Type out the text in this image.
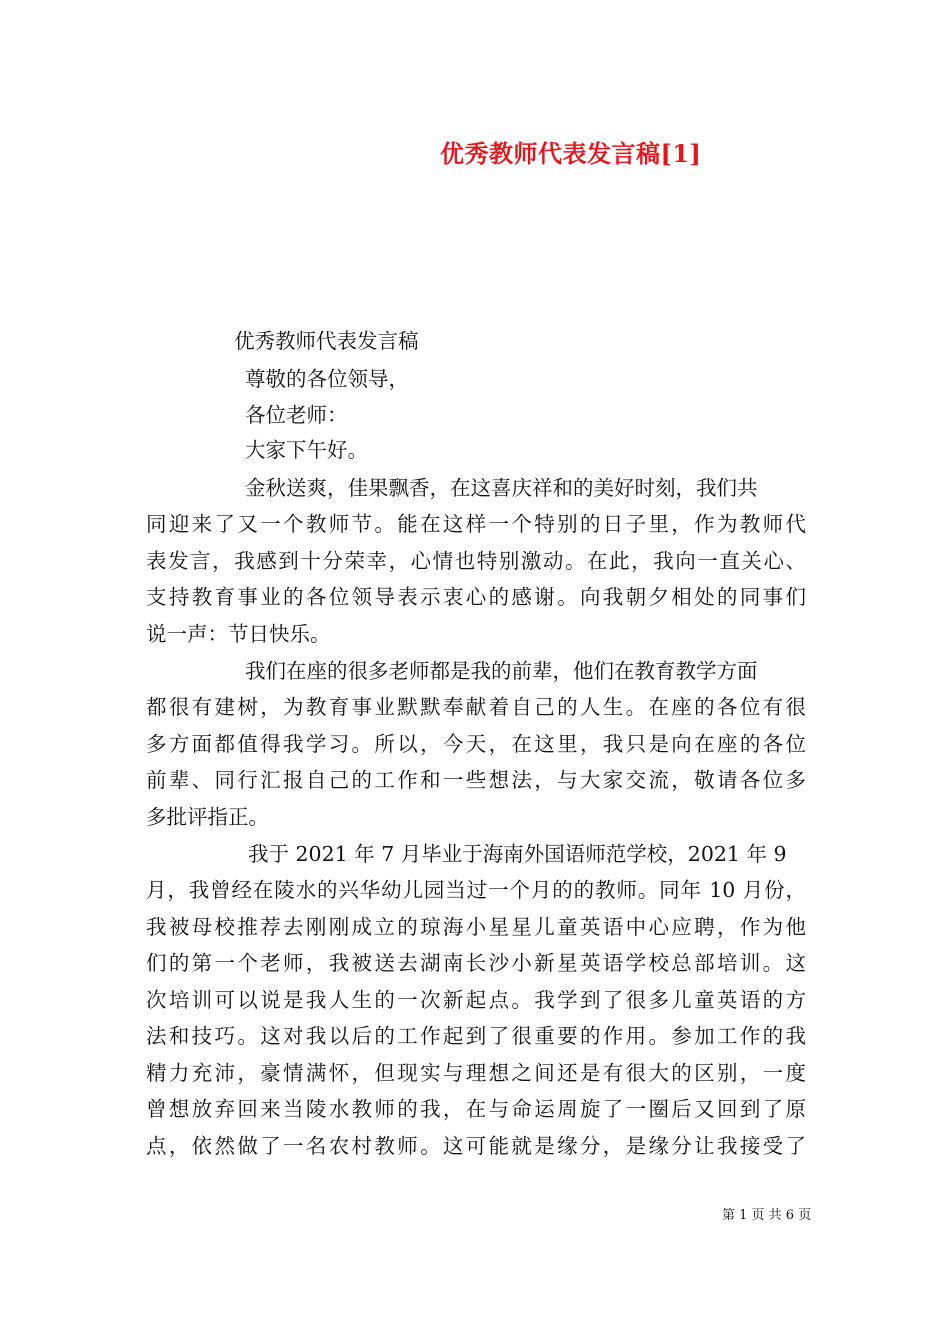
优秀教师代表发言稿[1]
优秀教师代表发言稿
尊敬的各位领导，
各位老师：
大家下午好。
金秋送爽，佳果飘香，在这喜庆祥和的美好时刻，我们共
同迎来了又一个教师节。能在这样一个特别的日子里，作为教师代
表发言，我感到十分荣幸，心情也特别激动。在此，我向一直关心、
支持教育事业的各位领导表示衷心的感谢。向我朝夕相处的同事们
说一声：节日快乐。
我们在座的很多老师都是我的前辈，他们在教育教学方面
都很有建树，为教育事业默默奉献着自己的人生。在座的各位有很
多方面都值得我学习。所以，今天，在这里，我只是向在座的各位
前辈、同行汇报自己的工作和一些想法，与大家交流，敬请各位多
多批评指正。
我于 2021 年 7 月毕业于海南外国语师范学校，2021 年 9
月，我曾经在陵水的兴华幼儿园当过一个月的的教师。同年 10 月份，
我被母校推荐去刚刚成立的琼海小星星儿童英语中心应聘，作为他
们的第一个老师，我被送去湖南长沙小新星英语学校总部培训。这
次培训可以说是我人生的一次新起点。我学到了很多儿童英语的方
法和技巧。这对我以后的工作起到了很重要的作用。参加工作的我
精力充沛，豪情满怀，但现实与理想之间还是有很大的区别，一度
曾想放弃回来当陵水教师的我，在与命运周旋了一圈后又回到了原
点，依然做了一名农村教师。这可能就是缘分，是缘分让我接受了
第 1 页 共 6 页
